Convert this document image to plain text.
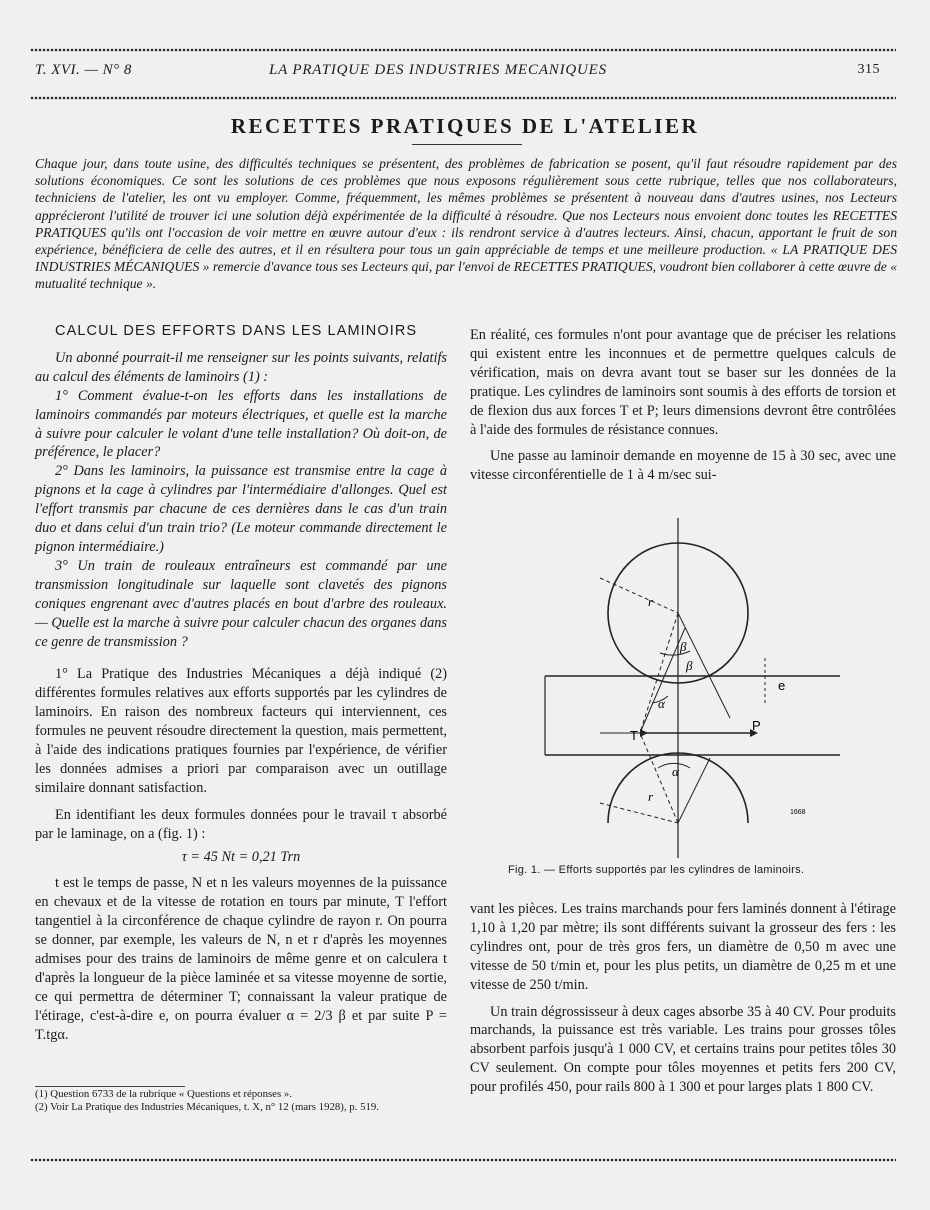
T. XVI. — N° 8	LA PRATIQUE DES INDUSTRIES MECANIQUES	315
RECETTES PRATIQUES DE L'ATELIER
Chaque jour, dans toute usine, des difficultés techniques se présentent, des problèmes de fabrication se posent, qu'il faut résoudre rapidement par des solutions économiques. Ce sont les solutions de ces problèmes que nous exposons régulièrement sous cette rubrique, telles que nos collaborateurs, techniciens de l'atelier, les ont vu employer. Comme, fréquemment, les mêmes problèmes se présentent à nouveau dans d'autres usines, nos Lecteurs apprécieront l'utilité de trouver ici une solution déjà expérimentée de la difficulté à résoudre. Que nos Lecteurs nous envoient donc toutes les RECETTES PRATIQUES qu'ils ont l'occasion de voir mettre en œuvre autour d'eux : ils rendront service à d'autres lecteurs. Ainsi, chacun, apportant le fruit de son expérience, bénéficiera de celle des autres, et il en résultera pour tous un gain appréciable de temps et une meilleure production. « LA PRATIQUE DES INDUSTRIES MÉCANIQUES » remercie d'avance tous ses Lecteurs qui, par l'envoi de RECETTES PRATIQUES, voudront bien collaborer à cette œuvre de « mutualité technique ».

CALCUL DES EFFORTS DANS LES LAMINOIRS

Un abonné pourrait-il me renseigner sur les points suivants, relatifs au calcul des éléments de laminoirs (1) :

1° Comment évalue-t-on les efforts dans les installations de laminoirs commandés par moteurs électriques, et quelle est la marche à suivre pour calculer le volant d'une telle installation? Où doit-on, de préférence, le placer?

2° Dans les laminoirs, la puissance est transmise entre la cage à pignons et la cage à cylindres par l'intermédiaire d'allonges. Quel est l'effort transmis par chacune de ces dernières dans le cas d'un train duo et dans celui d'un train trio? (Le moteur commande directement le pignon intermédiaire.)

3° Un train de rouleaux entraîneurs est commandé par une transmission longitudinale sur laquelle sont clavetés des pignons coniques engrenant avec d'autres placés en bout d'arbre des rouleaux. — Quelle est la marche à suivre pour calculer chacun des organes dans ce genre de transmission ?

1° La Pratique des Industries Mécaniques a déjà indiqué (2) différentes formules relatives aux efforts supportés par les cylindres de laminoirs. En raison des nombreux facteurs qui interviennent, ces formules ne peuvent résoudre directement la question, mais permettent, à l'aide des indications pratiques fournies par l'expérience, de vérifier les données admises a priori par comparaison avec un outillage similaire donnant satisfaction.

En identifiant les deux formules données pour le travail τ absorbé par le laminage, on a (fig. 1) :

τ = 45 Nt = 0,21 Trn

t est le temps de passe, N et n les valeurs moyennes de la puissance en chevaux et de la vitesse de rotation en tours par minute, T l'effort tangentiel à la circonférence de chaque cylindre de rayon r. On pourra se donner, par exemple, les valeurs de N, n et r d'après les moyennes admises pour des trains de laminoirs de même genre et on calculera t d'après la longueur de la pièce laminée et sa vitesse moyenne de sortie, ce qui permettra de déterminer T; connaissant la valeur pratique de l'étirage, c'est-à-dire e, on pourra évaluer α = 2/3 β et par suite P = T.tgα.

(1) Question 6733 de la rubrique « Questions et réponses ».
(2) Voir La Pratique des Industries Mécaniques, t. X, n° 12 (mars 1928), p. 519.

En réalité, ces formules n'ont pour avantage que de préciser les relations qui existent entre les inconnues et de permettre quelques calculs de vérification, mais on devra avant tout se baser sur les données de la pratique. Les cylindres de laminoirs sont soumis à des efforts de torsion et de flexion dus aux forces T et P; leurs dimensions devront être contrôlées à l'aide des formules de résistance connues.

Une passe au laminoir demande en moyenne de 15 à 30 sec, avec une vitesse circonférentielle de 1 à 4 m/sec sui-

r
r
β
β
α
α
e
P
T
1668
Fig. 1. — Efforts supportés par les cylindres de laminoirs.

vant les pièces. Les trains marchands pour fers laminés donnent à l'étirage 1,10 à 1,20 par mètre; ils sont différents suivant la grosseur des fers : les cylindres ont, pour de très gros fers, un diamètre de 0,50 m avec une vitesse de 50 t/min et, pour les plus petits, un diamètre de 0,25 m et une vitesse de 250 t/min.

Un train dégrossisseur à deux cages absorbe 35 à 40 CV. Pour produits marchands, la puissance est très variable. Les trains pour grosses tôles absorbent parfois jusqu'à 1 000 CV, et certains trains pour petites tôles 30 CV seulement. On compte pour tôles moyennes et petits fers 200 CV, pour profilés 450, pour rails 800 à 1 300 et pour larges plats 1 800 CV.
